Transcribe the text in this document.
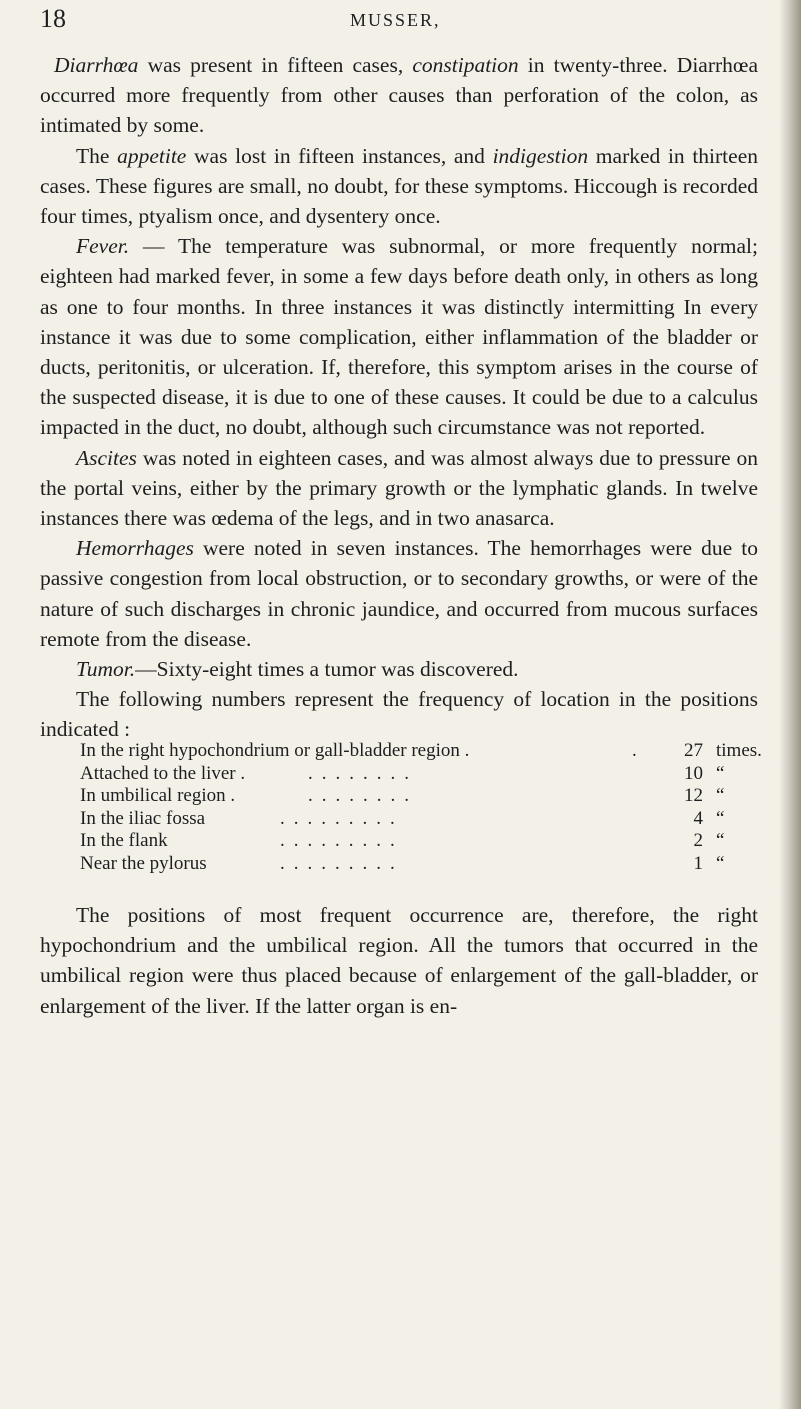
18	MUSSER,

Diarrhœa was present in fifteen cases, constipation in twenty-three. Diarrhœa occurred more frequently from other causes than perforation of the colon, as intimated by some.

The appetite was lost in fifteen instances, and indigestion marked in thirteen cases. These figures are small, no doubt, for these symptoms. Hiccough is recorded four times, ptyalism once, and dysentery once.

Fever. — The temperature was subnormal, or more frequently normal; eighteen had marked fever, in some a few days before death only, in others as long as one to four months. In three instances it was distinctly intermitting In every instance it was due to some complication, either inflammation of the bladder or ducts, peritonitis, or ulceration. If, therefore, this symptom arises in the course of the suspected disease, it is due to one of these causes. It could be due to a calculus impacted in the duct, no doubt, although such circumstance was not reported.

Ascites was noted in eighteen cases, and was almost always due to pressure on the portal veins, either by the primary growth or the lymphatic glands. In twelve instances there was œdema of the legs, and in two anasarca.

Hemorrhages were noted in seven instances. The hemorrhages were due to passive congestion from local obstruction, or to secondary growths, or were of the nature of such discharges in chronic jaundice, and occurred from mucous surfaces remote from the disease.

Tumor.—Sixty-eight times a tumor was discovered.

The following numbers represent the frequency of location in the positions indicated :

In the right hypochondrium or gall-bladder region .	.	27 times.
Attached to the liver .	........	10 “
In umbilical region .	........	12 “
In the iliac fossa	.........	4 “
In the flank	.........	2 “
Near the pylorus	.........	1 “

The positions of most frequent occurrence are, therefore, the right hypochondrium and the umbilical region. All the tumors that occurred in the umbilical region were thus placed because of enlargement of the gall-bladder, or enlargement of the liver. If the latter organ is en-
